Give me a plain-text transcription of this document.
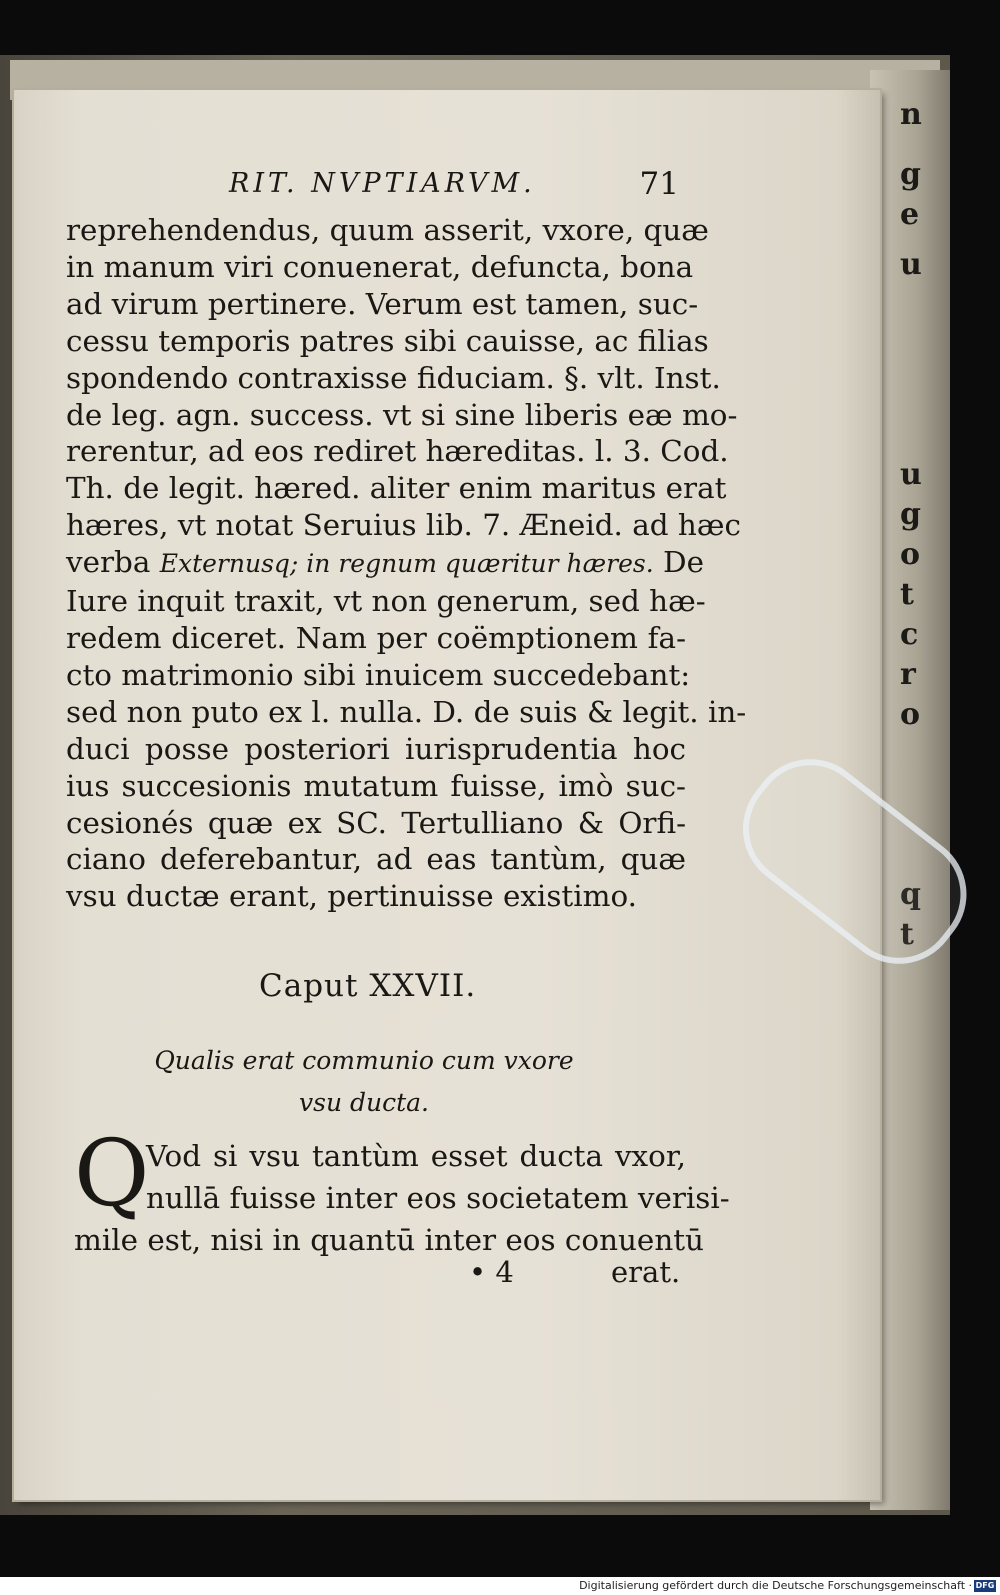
n
g
e
u
u
g
o
t
c
r
o
q
t
RIT. NVPTIARVM.	71
reprehendendus, quum asserit, vxore, quæ
in manum viri conuenerat, defuncta, bona
ad virum pertinere. Verum est tamen, suc-
cessu temporis patres sibi cauisse, ac filias
spondendo contraxisse fiduciam. §. vlt. Inst.
de leg. agn. success. vt si sine liberis eæ mo-
rerentur, ad eos rediret hæreditas. l. 3. Cod.
Th. de legit. hæred. aliter enim maritus erat
hæres, vt notat Seruius lib. 7. Æneid. ad hæc
verba Externusq; in regnum quæritur hæres. De
Iure inquit traxit, vt non generum, sed hæ-
redem diceret. Nam per coëmptionem fa-
cto matrimonio sibi inuicem succedebant:
sed non puto ex l. nulla. D. de suis & legit. in-
duci posse posteriori iurisprudentia hoc
ius succesionis mutatum fuisse, imò suc-
cesionés quæ ex SC. Tertulliano & Orfi-
ciano deferebantur, ad eas tantùm, quæ
vsu ductæ erant, pertinuisse existimo.
Caput XXVII.
Qualis erat communio cum vxore
vsu ducta.
Q
Vod si vsu tantùm esset ducta vxor,
nullā fuisse inter eos societatem verisi-
mile est, nisi in quantū inter eos conuentū
• 4	erat.
Digitalisierung gefördert durch die Deutsche Forschungsgemeinschaft · DFG
